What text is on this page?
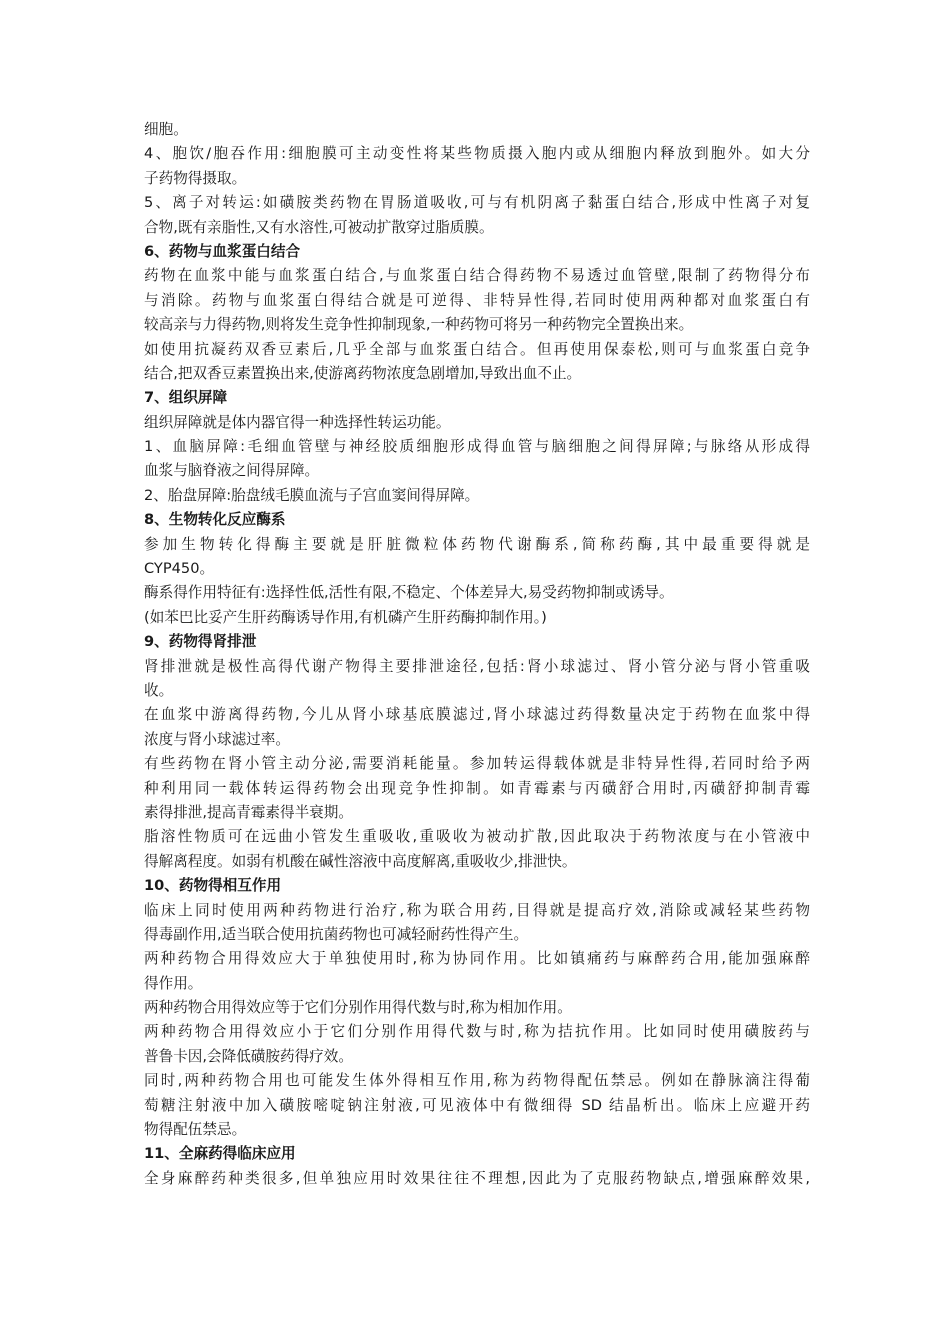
细胞。
4、胞饮/胞吞作用:细胞膜可主动变性将某些物质摄入胞内或从细胞内释放到胞外。如大分
子药物得摄取。
5、离子对转运:如磺胺类药物在胃肠道吸收,可与有机阴离子黏蛋白结合,形成中性离子对复
合物,既有亲脂性,又有水溶性,可被动扩散穿过脂质膜。
6、药物与血浆蛋白结合
药物在血浆中能与血浆蛋白结合,与血浆蛋白结合得药物不易透过血管壁,限制了药物得分布
与消除。药物与血浆蛋白得结合就是可逆得、非特异性得,若同时使用两种都对血浆蛋白有
较高亲与力得药物,则将发生竞争性抑制现象,一种药物可将另一种药物完全置换出来。
如使用抗凝药双香豆素后,几乎全部与血浆蛋白结合。但再使用保泰松,则可与血浆蛋白竞争
结合,把双香豆素置换出来,使游离药物浓度急剧增加,导致出血不止。
7、组织屏障
组织屏障就是体内器官得一种选择性转运功能。
1、血脑屏障:毛细血管壁与神经胶质细胞形成得血管与脑细胞之间得屏障;与脉络从形成得
血浆与脑脊液之间得屏障。
2、胎盘屏障:胎盘绒毛膜血流与子宫血窦间得屏障。
8、生物转化反应酶系
参加生物转化得酶主要就是肝脏微粒体药物代谢酶系,简称药酶,其中最重要得就是
CYP450。
酶系得作用特征有:选择性低,活性有限,不稳定、个体差异大,易受药物抑制或诱导。
(如苯巴比妥产生肝药酶诱导作用,有机磷产生肝药酶抑制作用。)
9、药物得肾排泄
肾排泄就是极性高得代谢产物得主要排泄途径,包括:肾小球滤过、肾小管分泌与肾小管重吸
收。
在血浆中游离得药物,今儿从肾小球基底膜滤过,肾小球滤过药得数量决定于药物在血浆中得
浓度与肾小球滤过率。
有些药物在肾小管主动分泌,需要消耗能量。参加转运得载体就是非特异性得,若同时给予两
种利用同一载体转运得药物会出现竞争性抑制。如青霉素与丙磺舒合用时,丙磺舒抑制青霉
素得排泄,提高青霉素得半衰期。
脂溶性物质可在远曲小管发生重吸收,重吸收为被动扩散,因此取决于药物浓度与在小管液中
得解离程度。如弱有机酸在碱性溶液中高度解离,重吸收少,排泄快。
10、药物得相互作用
临床上同时使用两种药物进行治疗,称为联合用药,目得就是提高疗效,消除或减轻某些药物
得毒副作用,适当联合使用抗菌药物也可减轻耐药性得产生。
两种药物合用得效应大于单独使用时,称为协同作用。比如镇痛药与麻醉药合用,能加强麻醉
得作用。
两种药物合用得效应等于它们分别作用得代数与时,称为相加作用。
两种药物合用得效应小于它们分别作用得代数与时,称为拮抗作用。比如同时使用磺胺药与
普鲁卡因,会降低磺胺药得疗效。
同时,两种药物合用也可能发生体外得相互作用,称为药物得配伍禁忌。例如在静脉滴注得葡
萄糖注射液中加入磺胺嘧啶钠注射液,可见液体中有微细得 SD 结晶析出。临床上应避开药
物得配伍禁忌。
11、全麻药得临床应用
全身麻醉药种类很多,但单独应用时效果往往不理想,因此为了克服药物缺点,增强麻醉效果,
